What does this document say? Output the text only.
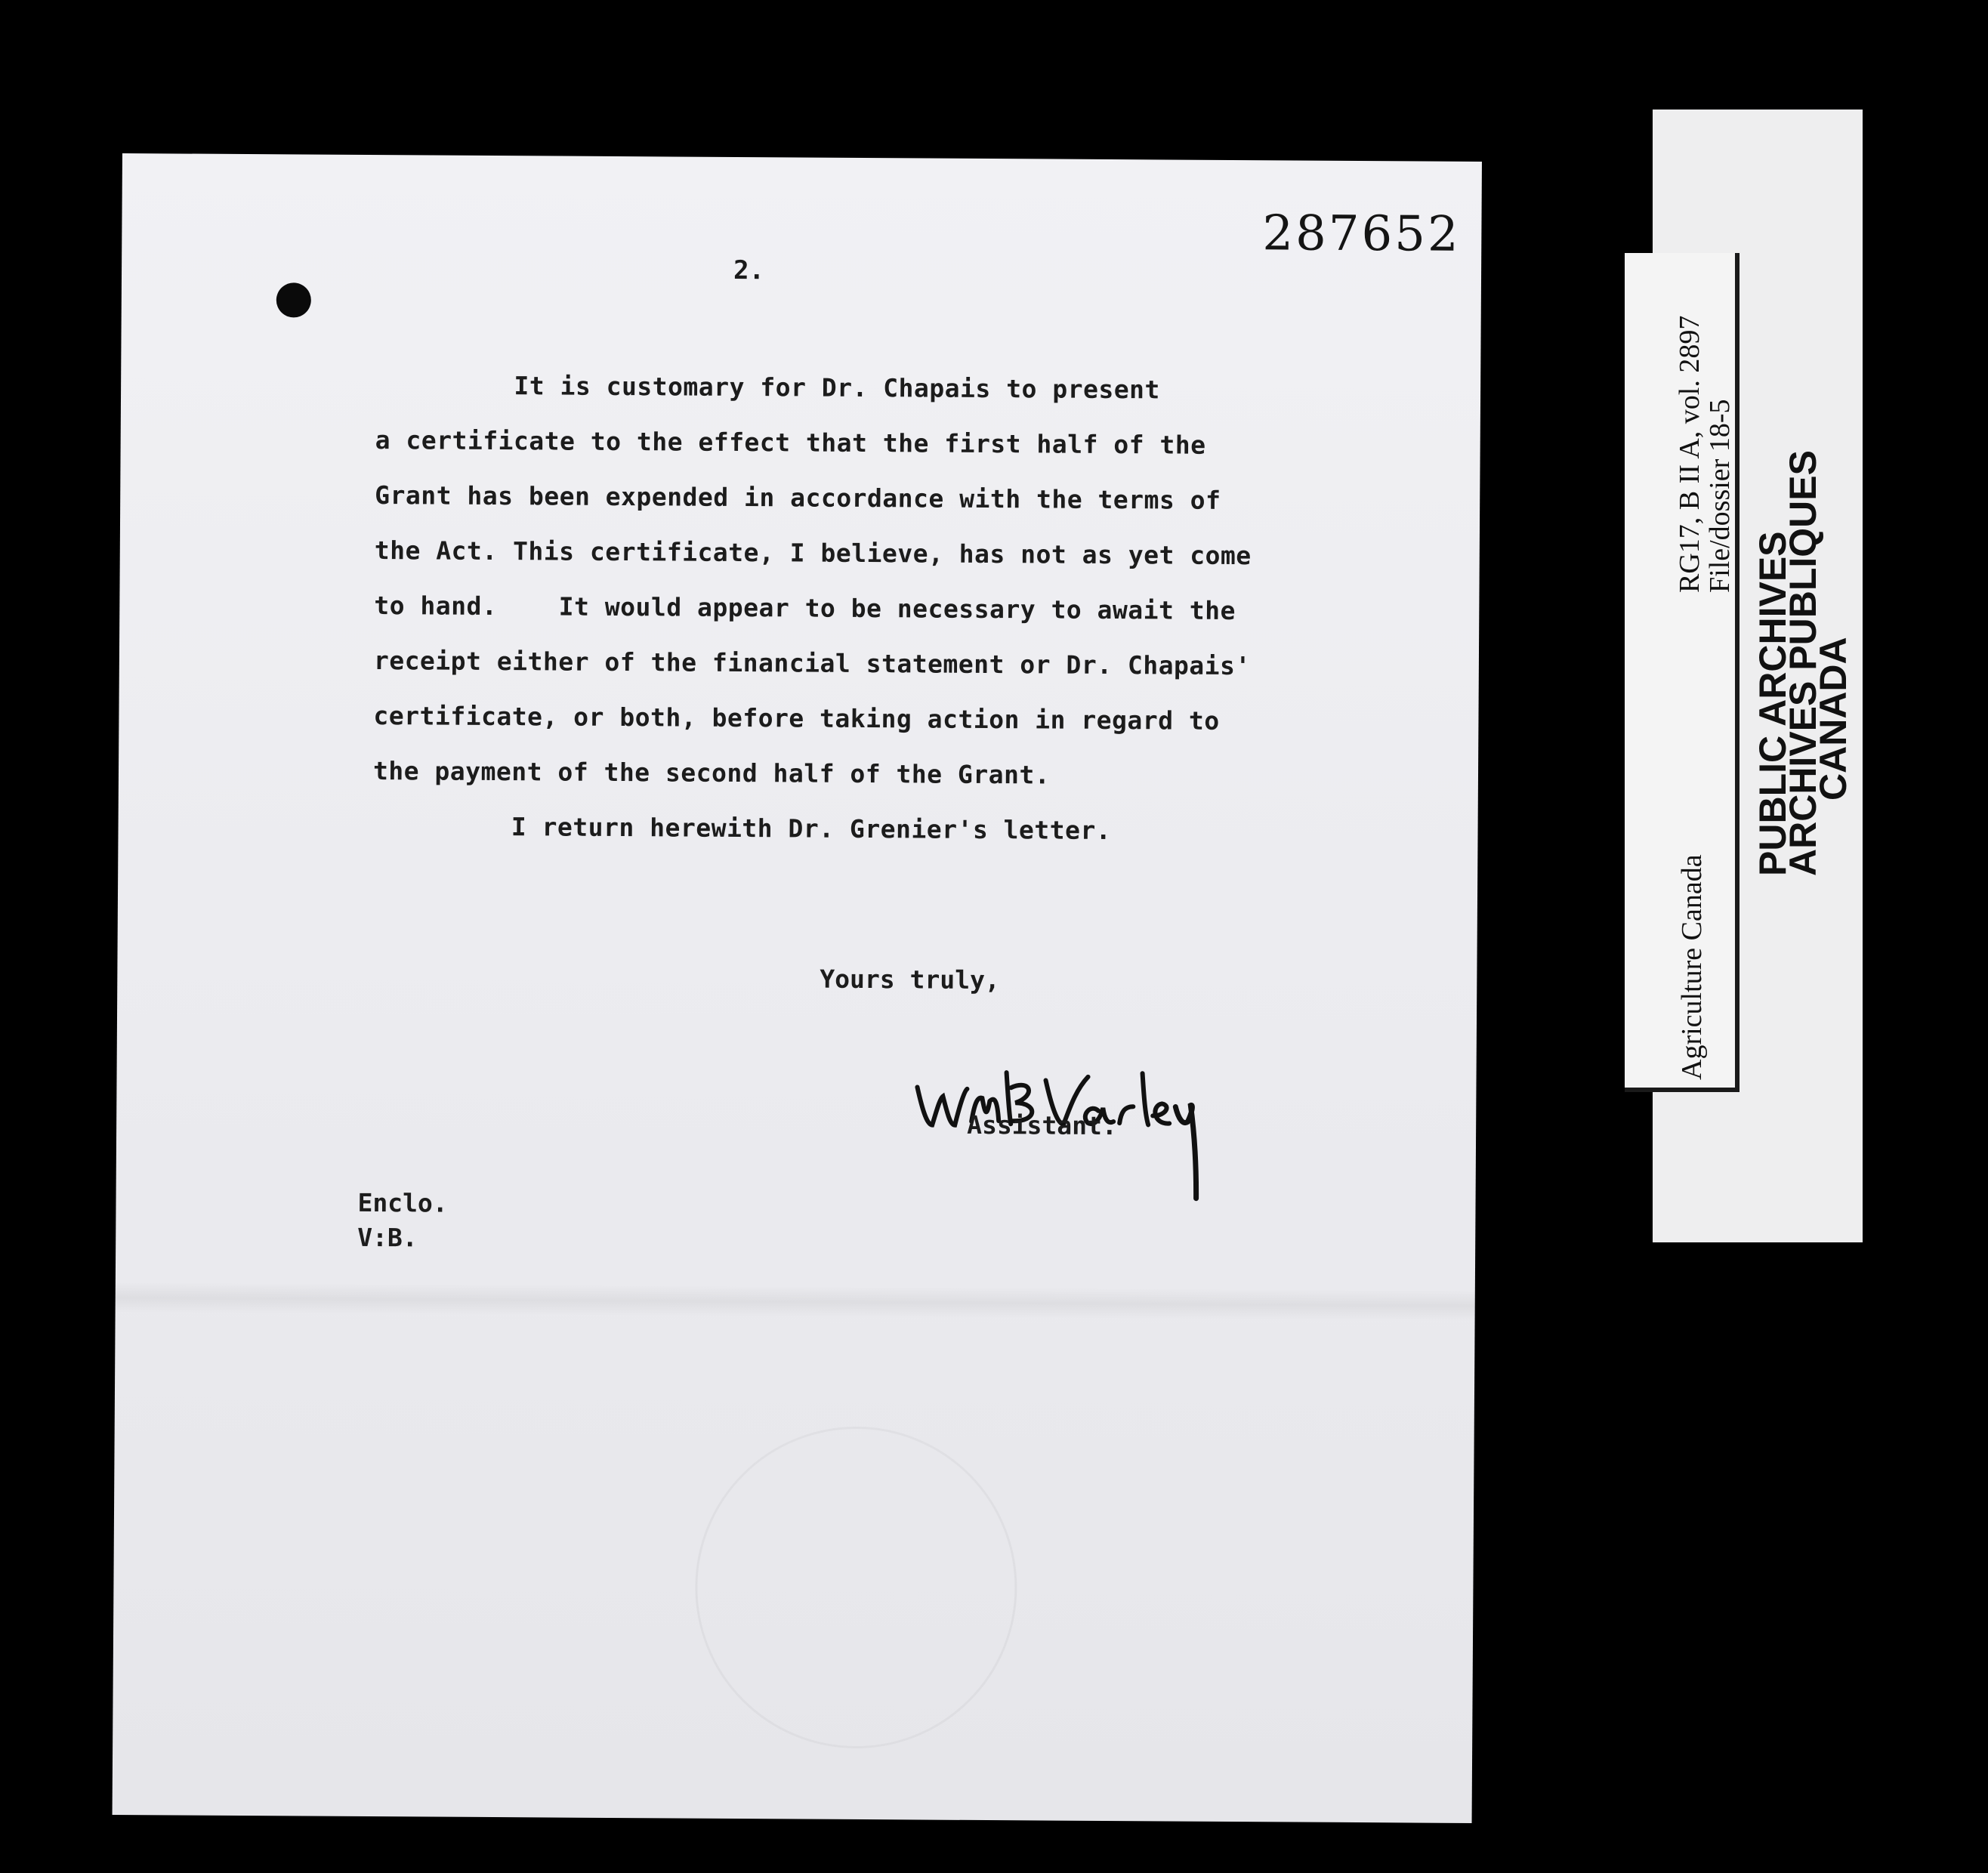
287652
2.
It is customary for Dr. Chapais to present
a certificate to the effect that the first half of the
Grant has been expended in accordance with the terms of
the Act. This certificate, I believe, has not as yet come
to hand.    It would appear to be necessary to await the
receipt either of the financial statement or Dr. Chapais'
certificate, or both, before taking action in regard to
the payment of the second half of the Grant.
I return herewith Dr. Grenier's letter.
Yours truly,
Assistant.
Enclo.
V:B.
RG17, B II A, vol. 2897
File/dossier 18-5
Agriculture Canada
PUBLIC ARCHIVES
ARCHIVES PUBLIQUES
CANADA
